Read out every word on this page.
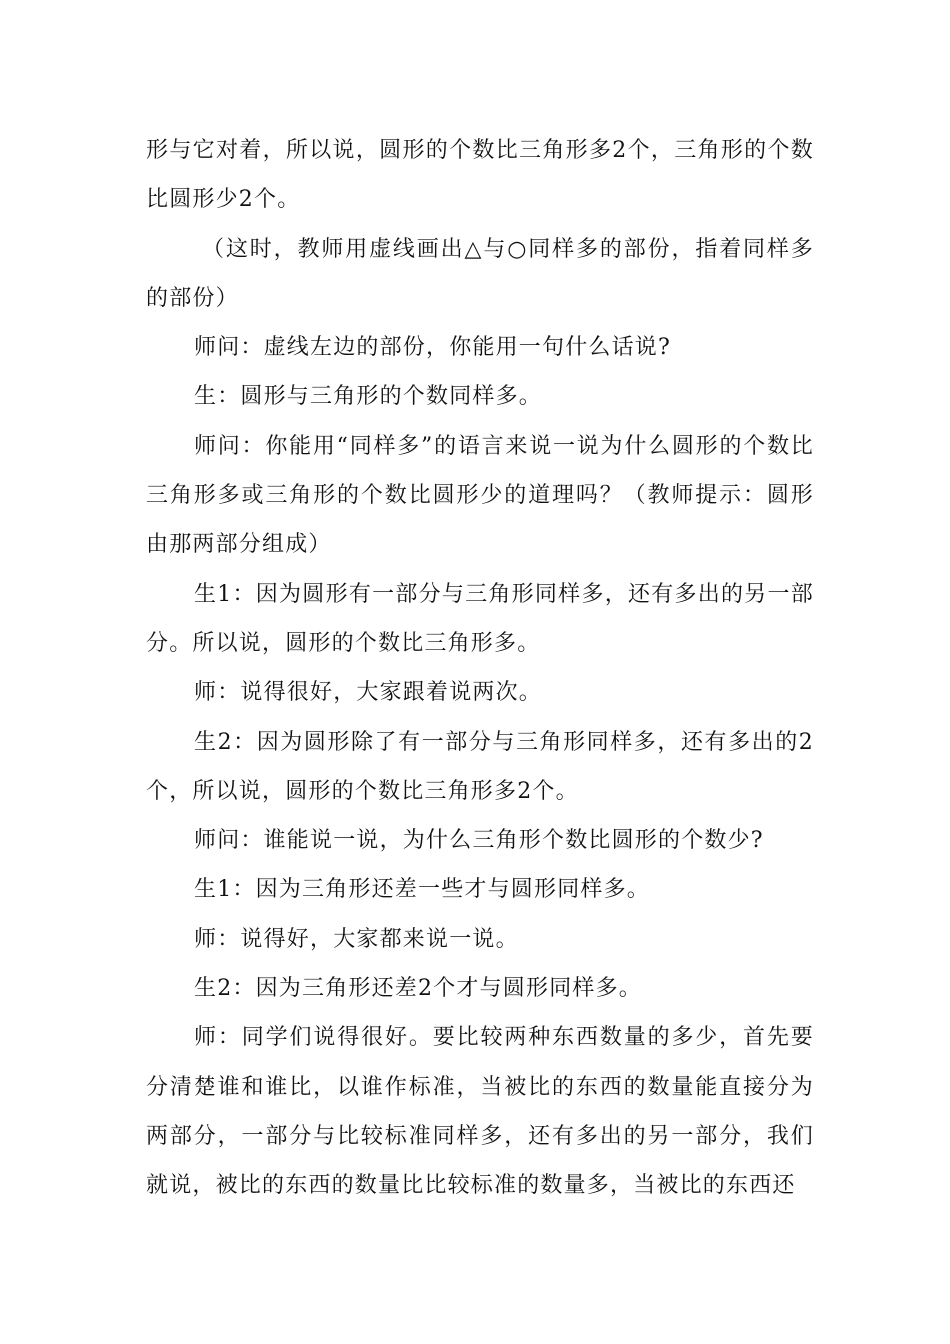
形与它对着，所以说，圆形的个数比三角形多2个，三角形的个数比圆形少2个。

（这时，教师用虚线画出△与○同样多的部份，指着同样多的部份）

师问：虚线左边的部份，你能用一句什么话说?

生：圆形与三角形的个数同样多。

师问：你能用“同样多”的语言来说一说为什么圆形的个数比三角形多或三角形的个数比圆形少的道理吗？（教师提示：圆形由那两部分组成）

生1：因为圆形有一部分与三角形同样多，还有多出的另一部分。所以说，圆形的个数比三角形多。

师：说得很好，大家跟着说两次。

生2：因为圆形除了有一部分与三角形同样多，还有多出的2个，所以说，圆形的个数比三角形多2个。

师问：谁能说一说，为什么三角形个数比圆形的个数少?

生1：因为三角形还差一些才与圆形同样多。

师：说得好，大家都来说一说。

生2：因为三角形还差2个才与圆形同样多。

师：同学们说得很好。要比较两种东西数量的多少，首先要分清楚谁和谁比，以谁作标准，当被比的东西的数量能直接分为两部分，一部分与比较标准同样多，还有多出的另一部分，我们就说，被比的东西的数量比比较标准的数量多，当被比的东西还
